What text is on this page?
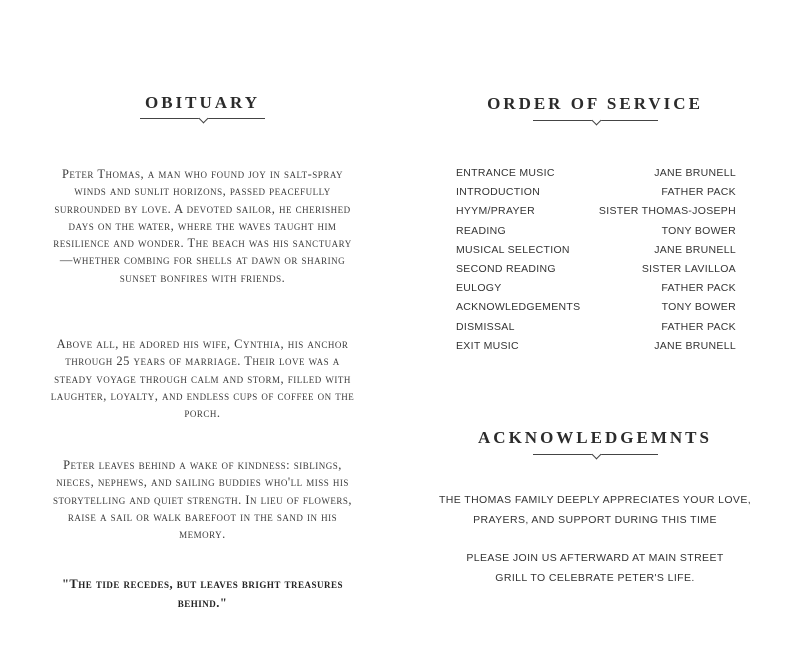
OBITUARY

Peter Thomas, a man who found joy in salt-spray winds and sunlit horizons, passed peacefully surrounded by love. A devoted sailor, he cherished days on the water, where the waves taught him resilience and wonder. The beach was his sanctuary—whether combing for shells at dawn or sharing sunset bonfires with friends.

Above all, he adored his wife, Cynthia, his anchor through 25 years of marriage. Their love was a steady voyage through calm and storm, filled with laughter, loyalty, and endless cups of coffee on the porch.

Peter leaves behind a wake of kindness: siblings, nieces, nephews, and sailing buddies who'll miss his storytelling and quiet strength. In lieu of flowers, raise a sail or walk barefoot in the sand in his memory.

"The tide recedes, but leaves bright treasures behind."

ORDER OF SERVICE
ENTRANCE MUSIC	JANE BRUNELL
INTRODUCTION	FATHER PACK
HYYM/PRAYER	SISTER THOMAS-JOSEPH
READING	TONY BOWER
MUSICAL SELECTION	JANE BRUNELL
SECOND READING	SISTER LAVILLOA
EULOGY	FATHER PACK
ACKNOWLEDGEMENTS	TONY BOWER
DISMISSAL	FATHER PACK
EXIT MUSIC	JANE BRUNELL
ACKNOWLEDGEMNTS

THE THOMAS FAMILY DEEPLY APPRECIATES YOUR LOVE, PRAYERS, AND SUPPORT DURING THIS TIME

PLEASE JOIN US AFTERWARD AT MAIN STREET GRILL TO CELEBRATE PETER'S LIFE.
